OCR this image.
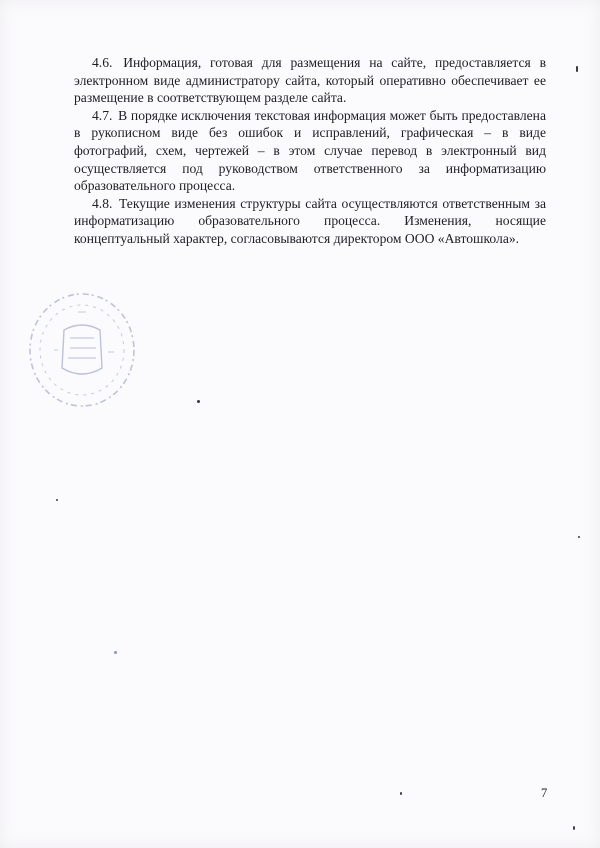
4.6. Информация, готовая для размещения на сайте, предоставляется в электронном виде администратору сайта, который оперативно обеспечивает ее размещение в соответствующем разделе сайта.

4.7. В порядке исключения текстовая информация может быть предоставлена в рукописном виде без ошибок и исправлений, графическая – в виде фотографий, схем, чертежей – в этом случае перевод в электронный вид осуществляется под руководством ответственного за информатизацию образовательного процесса.

4.8. Текущие изменения структуры сайта осуществляются ответственным за информатизацию образовательного процесса. Изменения, носящие концептуальный характер, согласовываются директором ООО «Автошкола».

7
